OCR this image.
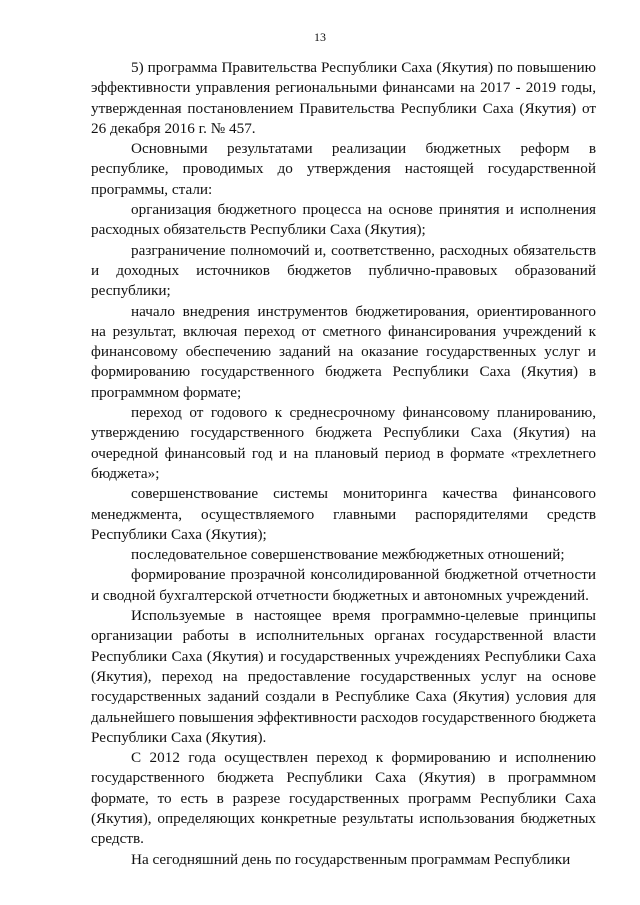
13

5) программа Правительства Республики Саха (Якутия) по повышению эффективности управления региональными финансами на 2017 - 2019 годы, утвержденная постановлением Правительства Республики Саха (Якутия) от 26 декабря 2016 г. № 457.

Основными результатами реализации бюджетных реформ в республике, проводимых до утверждения настоящей государственной программы, стали:

организация бюджетного процесса на основе принятия и исполнения расходных обязательств Республики Саха (Якутия);

разграничение полномочий и, соответственно, расходных обязательств и доходных источников бюджетов публично-правовых образований республики;

начало внедрения инструментов бюджетирования, ориентированного на результат, включая переход от сметного финансирования учреждений к финансовому обеспечению заданий на оказание государственных услуг и формированию государственного бюджета Республики Саха (Якутия) в программном формате;

переход от годового к среднесрочному финансовому планированию, утверждению государственного бюджета Республики Саха (Якутия) на очередной финансовый год и на плановый период в формате «трехлетнего бюджета»;

совершенствование системы мониторинга качества финансового менеджмента, осуществляемого главными распорядителями средств Республики Саха (Якутия);

последовательное совершенствование межбюджетных отношений;

формирование прозрачной консолидированной бюджетной отчетности и сводной бухгалтерской отчетности бюджетных и автономных учреждений.

Используемые в настоящее время программно-целевые принципы организации работы в исполнительных органах государственной власти Республики Саха (Якутия) и государственных учреждениях Республики Саха (Якутия), переход на предоставление государственных услуг на основе государственных заданий создали в Республике Саха (Якутия) условия для дальнейшего повышения эффективности расходов государственного бюджета Республики Саха (Якутия).

С 2012 года осуществлен переход к формированию и исполнению государственного бюджета Республики Саха (Якутия) в программном формате, то есть в разрезе государственных программ Республики Саха (Якутия), определяющих конкретные результаты использования бюджетных средств.

На сегодняшний день по государственным программам Республики
